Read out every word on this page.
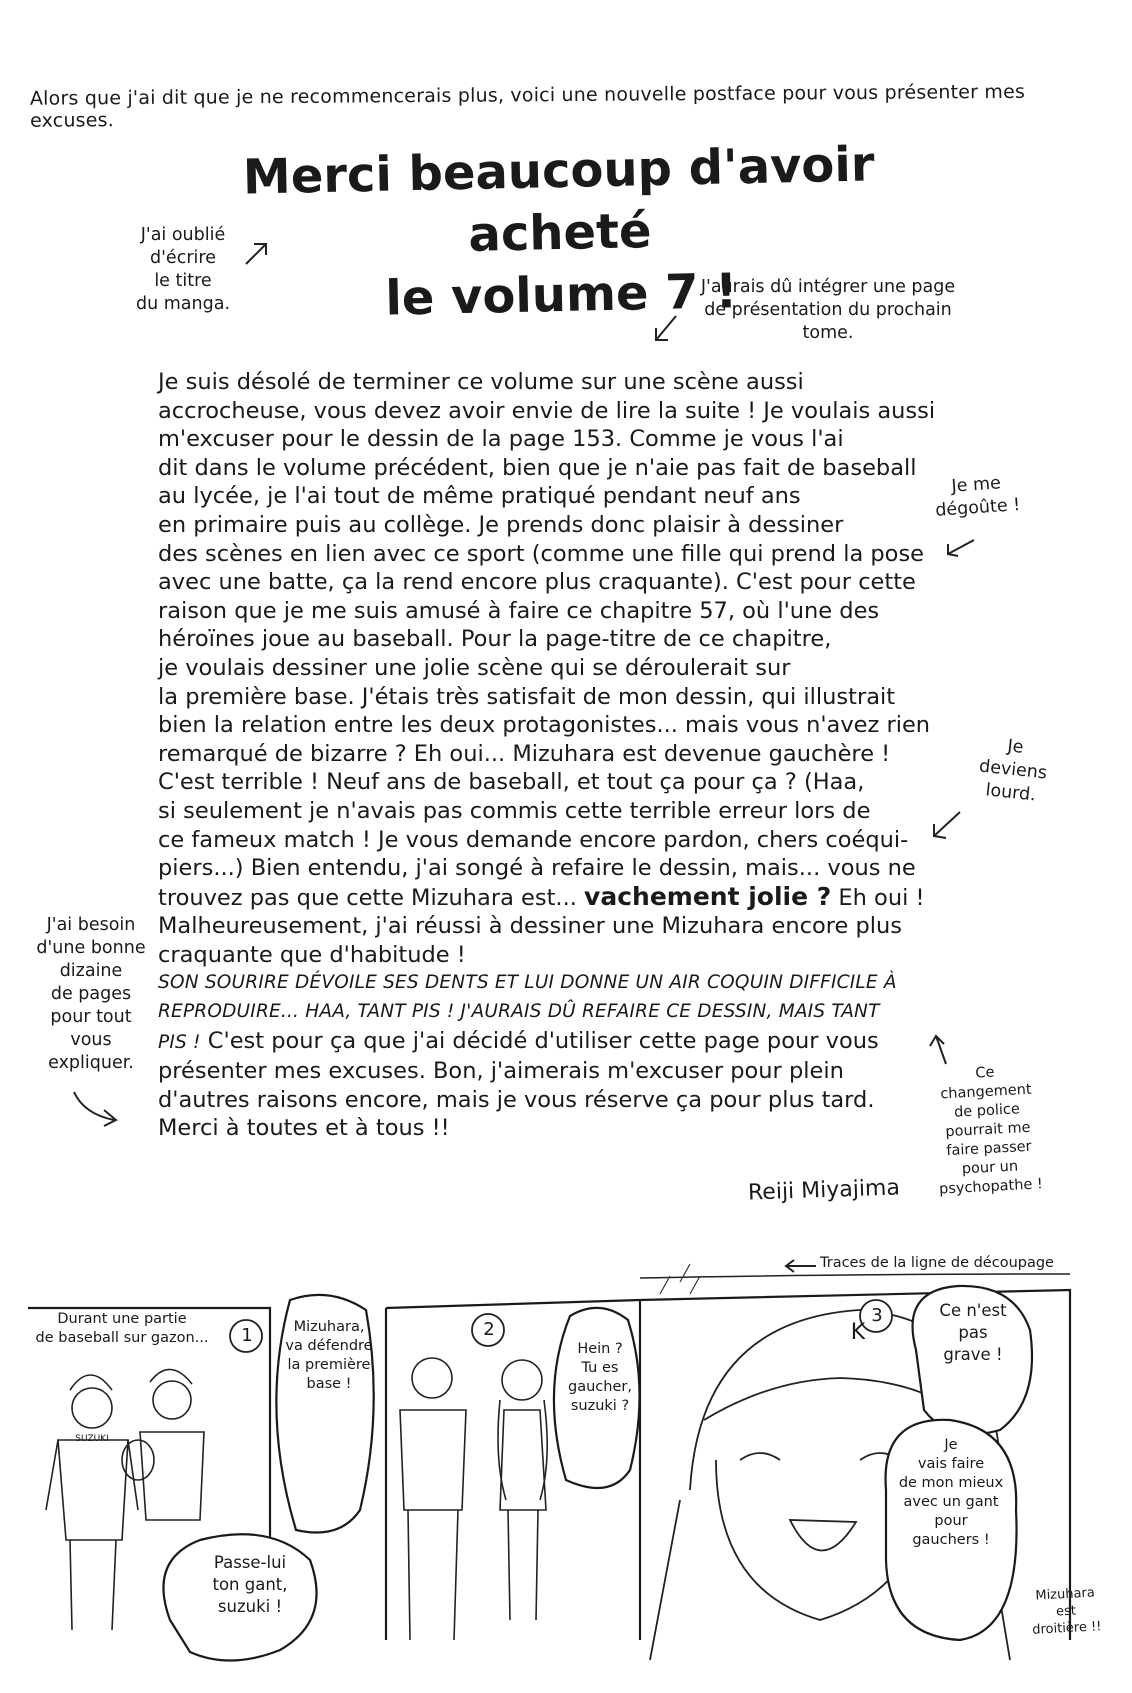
Alors que j'ai dit que je ne recommencerais plus, voici une nouvelle postface pour vous présenter mes excuses.
Merci beaucoup d'avoir acheté
le volume 7 !
J'ai oublié
d'écrire
le titre
du manga.
J'aurais dû intégrer une page
de présentation du prochain
tome.

Je suis désolé de terminer ce volume sur une scène aussi

accrocheuse, vous devez avoir envie de lire la suite ! Je voulais aussi

m'excuser pour le dessin de la page 153. Comme je vous l'ai

dit dans le volume précédent, bien que je n'aie pas fait de baseball

au lycée, je l'ai tout de même pratiqué pendant neuf ans

en primaire puis au collège. Je prends donc plaisir à dessiner

des scènes en lien avec ce sport (comme une fille qui prend la pose

avec une batte, ça la rend encore plus craquante). C'est pour cette

raison que je me suis amusé à faire ce chapitre 57, où l'une des

héroïnes joue au baseball. Pour la page-titre de ce chapitre,

je voulais dessiner une jolie scène qui se déroulerait sur

la première base. J'étais très satisfait de mon dessin, qui illustrait

bien la relation entre les deux protagonistes... mais vous n'avez rien

remarqué de bizarre ? Eh oui... Mizuhara est devenue gauchère !

C'est terrible ! Neuf ans de baseball, et tout ça pour ça ? (Haa,

si seulement je n'avais pas commis cette terrible erreur lors de

ce fameux match ! Je vous demande encore pardon, chers coéqui-

piers...) Bien entendu, j'ai songé à refaire le dessin, mais... vous ne

trouvez pas que cette Mizuhara est... vachement jolie ? Eh oui !

Malheureusement, j'ai réussi à dessiner une Mizuhara encore plus

craquante que d'habitude !

SON SOURIRE DÉVOILE SES DENTS ET LUI DONNE UN AIR COQUIN DIFFICILE À

REPRODUIRE... HAA, TANT PIS ! J'AURAIS DÛ REFAIRE CE DESSIN, MAIS TANT

PIS ! C'est pour ça que j'ai décidé d'utiliser cette page pour vous

présenter mes excuses. Bon, j'aimerais m'excuser pour plein

d'autres raisons encore, mais je vous réserve ça pour plus tard.

Merci à toutes et à tous !!

Je me
dégoûte !
Je
deviens
lourd.
J'ai besoin
d'une bonne
dizaine
de pages
pour tout
vous
expliquer.
Ce
changement
de police
pourrait me
faire passer
pour un
psychopathe !
Reiji Miyajima
Traces de la ligne de découpage
Durant une partie
de baseball sur gazon...	1
SUZUKI
Mizuhara,
va défendre
la première
base !
Passe-lui
ton gant,
suzuki !
2
Hein ?
Tu es
gaucher,
suzuki ?
3
K
Ce n'est
pas
grave !
Je
vais faire
de mon mieux
avec un gant
pour
gauchers !
Mizuhara
est
droitière !!
